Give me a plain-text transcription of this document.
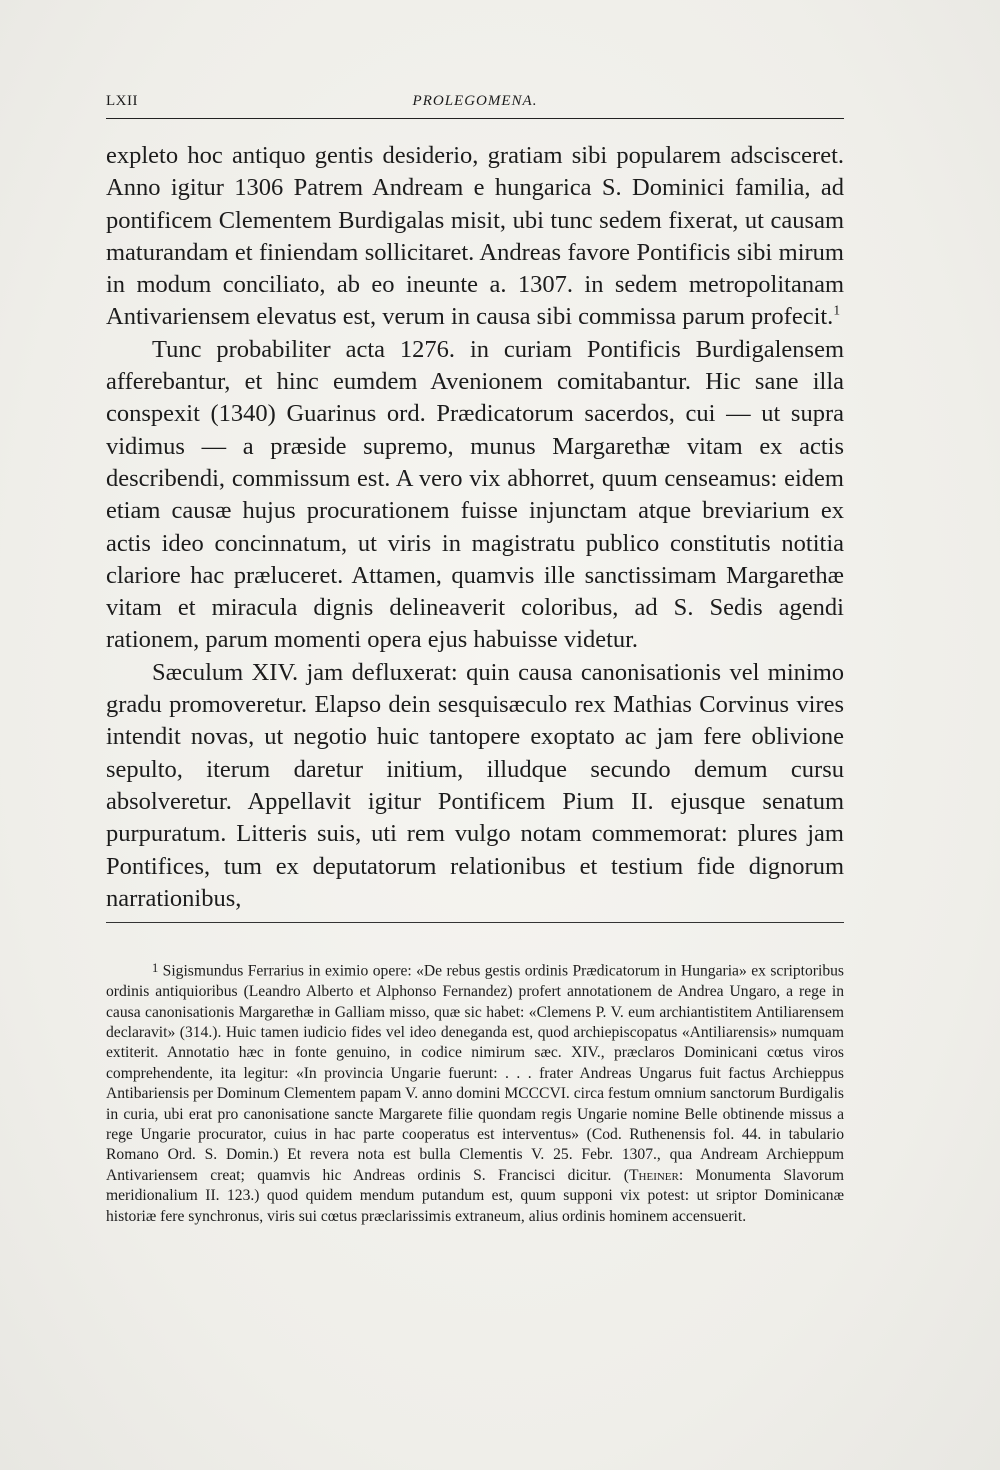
LXII	PROLEGOMENA.

expleto hoc antiquo gentis desiderio, gratiam sibi popularem adscisceret. Anno igitur 1306 Patrem Andream e hungarica S. Dominici familia, ad pontificem Clementem Burdigalas misit, ubi tunc sedem fixerat, ut causam maturandam et finiendam sollicitaret. Andreas favore Pontificis sibi mirum in modum conciliato, ab eo ineunte a. 1307. in sedem metropolitanam Antivariensem elevatus est, verum in causa sibi commissa parum profecit.$^1$

Tunc probabiliter acta 1276. in curiam Pontificis Burdigalensem afferebantur, et hinc eumdem Avenionem comitabantur. Hic sane illa conspexit (1340) Guarinus ord. Prædicatorum sacerdos, cui — ut supra vidimus — a præside supremo, munus Margarethæ vitam ex actis describendi, commissum est. A vero vix abhorret, quum censeamus: eidem etiam causæ hujus procurationem fuisse injunctam atque breviarium ex actis ideo concinnatum, ut viris in magistratu publico constitutis notitia clariore hac præluceret. Attamen, quamvis ille sanctissimam Margarethæ vitam et miracula dignis delineaverit coloribus, ad S. Sedis agendi rationem, parum momenti opera ejus habuisse videtur.

Sæculum XIV. jam defluxerat: quin causa canonisationis vel minimo gradu promoveretur. Elapso dein sesquisæculo rex Mathias Corvinus vires intendit novas, ut negotio huic tantopere exoptato ac jam fere oblivione sepulto, iterum daretur initium, illudque secundo demum cursu absolveretur. Appellavit igitur Pontificem Pium II. ejusque senatum purpuratum. Litteris suis, uti rem vulgo notam commemorat: plures jam Pontifices, tum ex deputatorum relationibus et testium fide dignorum narrationibus,

$^1$ Sigismundus Ferrarius in eximio opere: «De rebus gestis ordinis Prædicatorum in Hungaria» ex scriptoribus ordinis antiquioribus (Leandro Alberto et Alphonso Fernandez) profert annotationem de Andrea Ungaro, a rege in causa canonisationis Margarethæ in Galliam misso, quæ sic habet: «Clemens P. V. eum archiantistitem Antiliarensem declaravit» (314.). Huic tamen iudicio fides vel ideo deneganda est, quod archiepiscopatus «Antiliarensis» numquam extiterit. Annotatio hæc in fonte genuino, in codice nimirum sæc. XIV., præclaros Dominicani cœtus viros comprehendente, ita legitur: «In provincia Ungarie fuerunt: . . . frater Andreas Ungarus fuit factus Archieppus Antibariensis per Dominum Clementem papam V. anno domini MCCCVI. circa festum omnium sanctorum Burdigalis in curia, ubi erat pro canonisatione sancte Margarete filie quondam regis Ungarie nomine Belle obtinende missus a rege Ungarie procurator, cuius in hac parte cooperatus est interventus» (Cod. Ruthenensis fol. 44. in tabulario Romano Ord. S. Domin.) Et revera nota est bulla Clementis V. 25. Febr. 1307., qua Andream Archieppum Antivariensem creat; quamvis hic Andreas ordinis S. Francisci dicitur. (Theiner: Monumenta Slavorum meridionalium II. 123.) quod quidem mendum putandum est, quum supponi vix potest: ut sriptor Dominicanæ historiæ fere synchronus, viris sui cœtus præclarissimis extraneum, alius ordinis hominem accensuerit.
